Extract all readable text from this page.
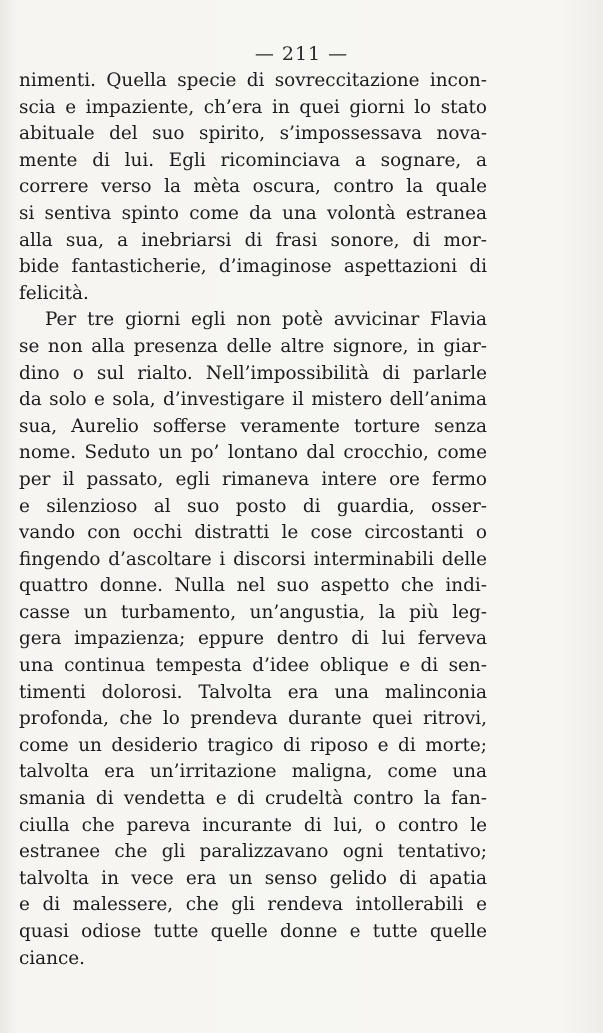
— 211 —
nimenti. Quella specie di sovreccitazione incon-
scia e impaziente, ch’era in quei giorni lo stato
abituale del suo spirito, s’impossessava nova-
mente di lui. Egli ricominciava a sognare, a
correre verso la mèta oscura, contro la quale
si sentiva spinto come da una volontà estranea
alla sua, a inebriarsi di frasi sonore, di mor-
bide fantasticherie, d’imaginose aspettazioni di
felicità.
Per tre giorni egli non potè avvicinar Flavia
se non alla presenza delle altre signore, in giar-
dino o sul rialto. Nell’impossibilità di parlarle
da solo e sola, d’investigare il mistero dell’anima
sua, Aurelio sofferse veramente torture senza
nome. Seduto un po’ lontano dal crocchio, come
per il passato, egli rimaneva intere ore fermo
e silenzioso al suo posto di guardia, osser-
vando con occhi distratti le cose circostanti o
fingendo d’ascoltare i discorsi interminabili delle
quattro donne. Nulla nel suo aspetto che indi-
casse un turbamento, un’angustia, la più leg-
gera impazienza; eppure dentro di lui ferveva
una continua tempesta d’idee oblique e di sen-
timenti dolorosi. Talvolta era una malinconia
profonda, che lo prendeva durante quei ritrovi,
come un desiderio tragico di riposo e di morte;
talvolta era un’irritazione maligna, come una
smania di vendetta e di crudeltà contro la fan-
ciulla che pareva incurante di lui, o contro le
estranee che gli paralizzavano ogni tentativo;
talvolta in vece era un senso gelido di apatia
e di malessere, che gli rendeva intollerabili e
quasi odiose tutte quelle donne e tutte quelle
ciance.
